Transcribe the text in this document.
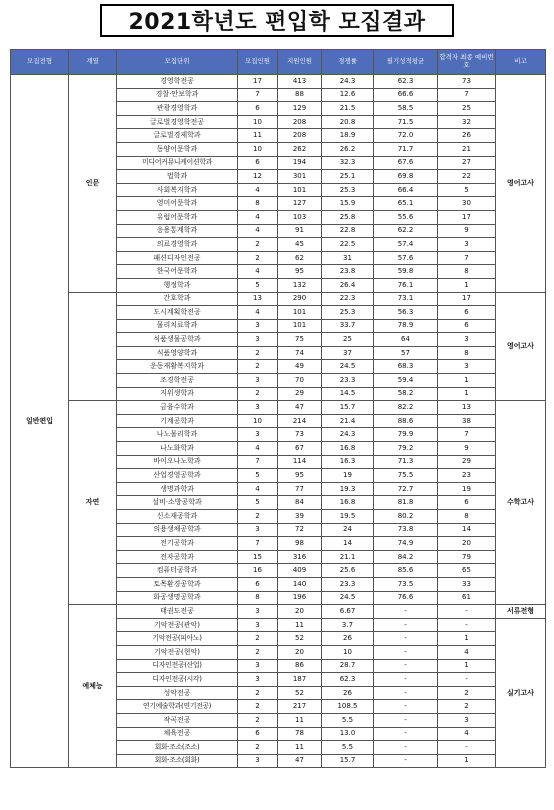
2021학년도 편입학 모집결과
모집전형	계열	모집단위	모집인원	지원인원	경쟁률	필기성적평균	합격자 최종 예비번호	비고
일반편입	인문	경영학전공	17	413	24.3	62.3	73	영어고사
		경찰·안보학과	7	88	12.6	66.6	7	
		관광경영학과	6	129	21.5	58.5	25	
		글로벌경영학전공	10	208	20.8	71.5	32	
		글로벌경제학과	11	208	18.9	72.0	26	
		동양어문학과	10	262	26.2	71.7	21	
		미디어커뮤니케이션학과	6	194	32.3	67.6	27	
		법학과	12	301	25.1	69.8	22	
		사회복지학과	4	101	25.3	66.4	5	
		영미어문학과	8	127	15.9	65.1	30	
		유럽어문학과	4	103	25.8	55.6	17	
		응용통계학과	4	91	22.8	62.2	9	
		의료경영학과	2	45	22.5	57.4	3	
		패션디자인전공	2	62	31	57.6	7	
		한국어문학과	4	95	23.8	59.8	8	
		행정학과	5	132	26.4	76.1	1	
		간호학과	13	290	22.3	73.1	17	영어고사
		도시계획학전공	4	101	25.3	56.3	6	
		물리치료학과	3	101	33.7	78.9	6	
		식품생물공학과	3	75	25	64	3	
		식품영양학과	2	74	37	57	8	
		운동재활복지학과	2	49	24.5	68.3	3	
		조경학전공	3	70	23.3	59.4	1	
		지위생학과	2	29	14.5	58.2	1	
	자연	금융수학과	3	47	15.7	82.2	13	수학고사
		기계공학과	10	214	21.4	88.6	38	
		나노물리학과	3	73	24.3	79.9	7	
		나노화학과	4	67	16.8	79.2	9	
		바이오나노학과	7	114	16.3	71.3	29	
		산업경영공학과	5	95	19	75.5	23	
		생명과학과	4	77	19.3	72.7	19	
		설비·소방공학과	5	84	16.8	81.8	6	
		신소재공학과	2	39	19.5	80.2	8	
		의용생체공학과	3	72	24	73.8	14	
		전기공학과	7	98	14	74.9	20	
		전자공학과	15	316	21.1	84.2	79	
		컴퓨터공학과	16	409	25.6	85.6	65	
		토목환경공학과	6	140	23.3	73.5	33	
		화공생명공학과	8	196	24.5	76.6	61	
	예체능	태권도전공	3	20	6.67	-	-	서류전형
		기악전공(관악)	3	11	3.7	-	-	실기고사
		기악전공(피아노)	2	52	26	-	1	
		기악전공(현악)	2	20	10	-	4	
		디자인전공(산업)	3	86	28.7	-	1	
		디자인전공(시각)	3	187	62.3	-	-	
		성악전공	2	52	26	-	2	
		연기예술학과(연기전공)	2	217	108.5	-	2	
		작곡전공	2	11	5.5	-	3	
		체육전공	6	78	13.0	-	4	
		회화·조소(조소)	2	11	5.5	-	-	
		회화·조소(회화)	3	47	15.7	-	1	
